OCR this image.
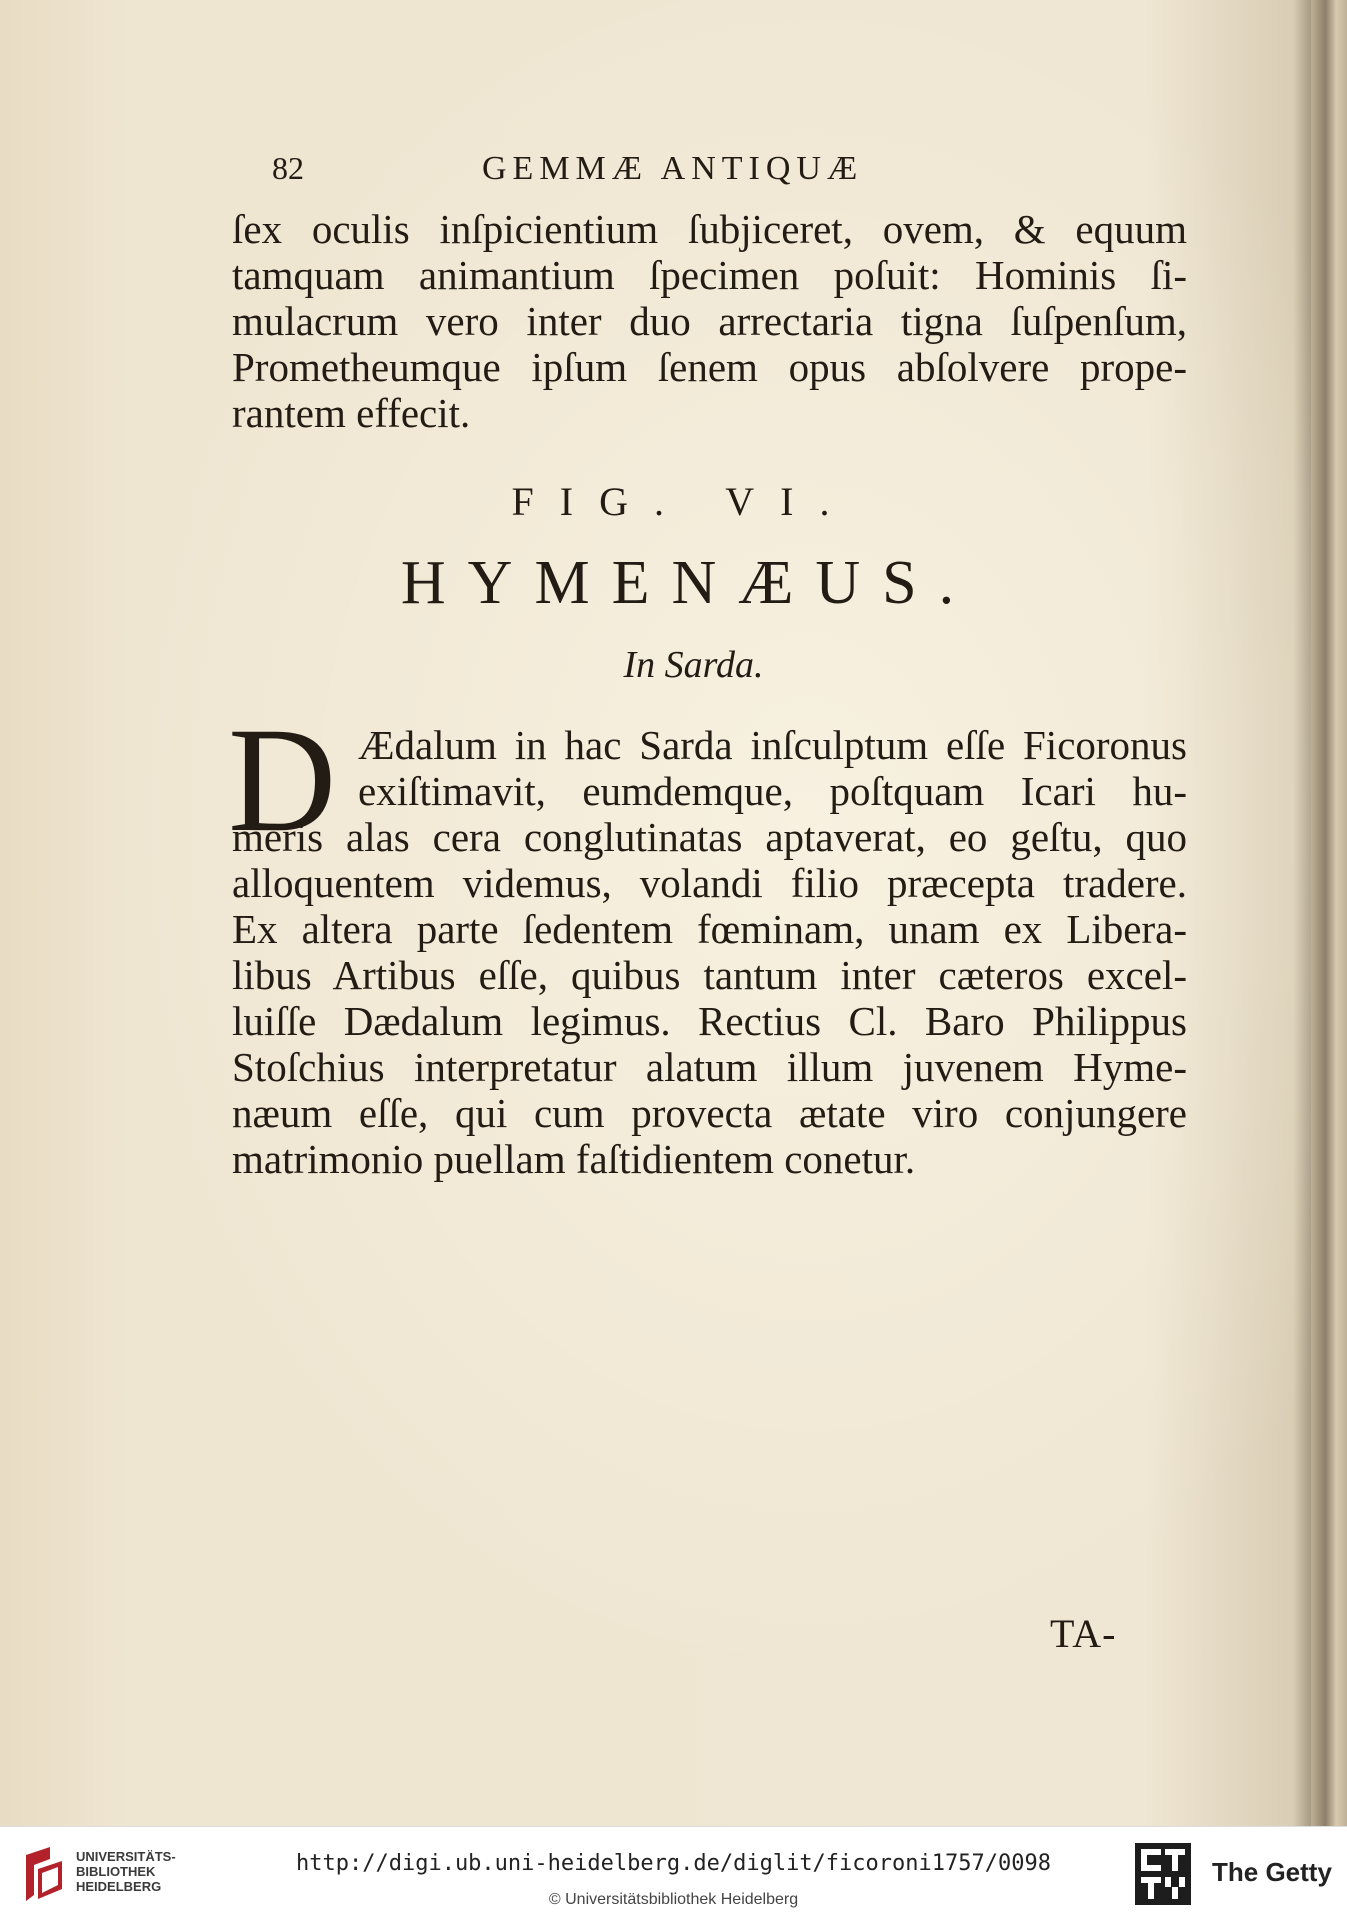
82	GEMMÆ ANTIQUÆ
ſex oculis inſpicientium ſubjiceret, ovem, & equum
tamquam animantium ſpecimen poſuit: Hominis ſi-
mulacrum vero inter duo arrectaria tigna ſuſpenſum,
Prometheumque ipſum ſenem opus abſolvere prope-
rantem effecit.
FIG. VI.
HYMENÆUS.
In Sarda.
D Ædalum in hac Sarda inſculptum eſſe Ficoronus
exiſtimavit, eumdemque, poſtquam Icari hu-
meris alas cera conglutinatas aptaverat, eo geſtu, quo
alloquentem videmus, volandi filio præcepta tradere.
Ex altera parte ſedentem fœminam, unam ex Libera-
libus Artibus eſſe, quibus tantum inter cæteros excel-
luiſſe Dædalum legimus. Rectius Cl. Baro Philippus
Stoſchius interpretatur alatum illum juvenem Hyme-
næum eſſe, qui cum provecta ætate viro conjungere
matrimonio puellam faſtidientem conetur.
TA-
UNIVERSITÄTS-
BIBLIOTHEK
HEIDELBERG
http://digi.ub.uni-heidelberg.de/diglit/ficoroni1757/0098
© Universitätsbibliothek Heidelberg
The Getty
